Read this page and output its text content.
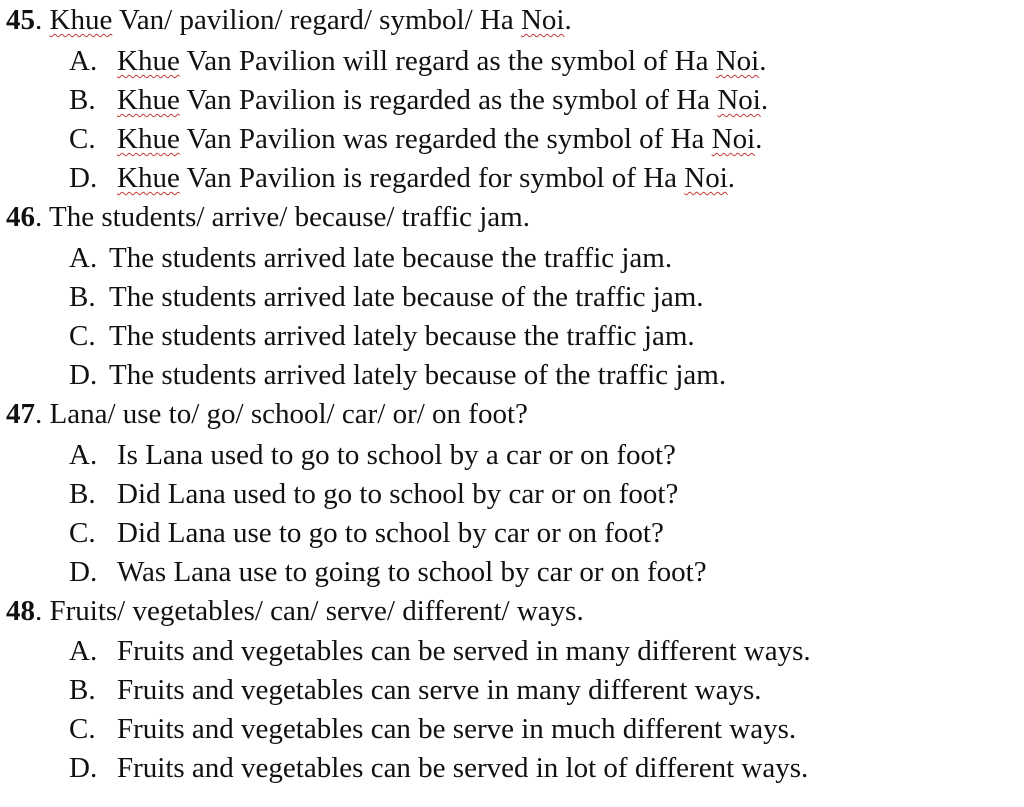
45. Khue Van/ pavilion/ regard/ symbol/ Ha Noi.
A. Khue Van Pavilion will regard as the symbol of Ha Noi.
B. Khue Van Pavilion is regarded as the symbol of Ha Noi.
C. Khue Van Pavilion was regarded the symbol of Ha Noi.
D. Khue Van Pavilion is regarded for symbol of Ha Noi.
46. The students/ arrive/ because/ traffic jam.
A. The students arrived late because the traffic jam.
B. The students arrived late because of the traffic jam.
C. The students arrived lately because the traffic jam.
D. The students arrived lately because of the traffic jam.
47. Lana/ use to/ go/ school/ car/ or/ on foot?
A. Is Lana used to go to school by a car or on foot?
B. Did Lana used to go to school by car or on foot?
C. Did Lana use to go to school by car or on foot?
D. Was Lana use to going to school by car or on foot?
48. Fruits/ vegetables/ can/ serve/ different/ ways.
A. Fruits and vegetables can be served in many different ways.
B. Fruits and vegetables can serve in many different ways.
C. Fruits and vegetables can be serve in much different ways.
D. Fruits and vegetables can be served in lot of different ways.
